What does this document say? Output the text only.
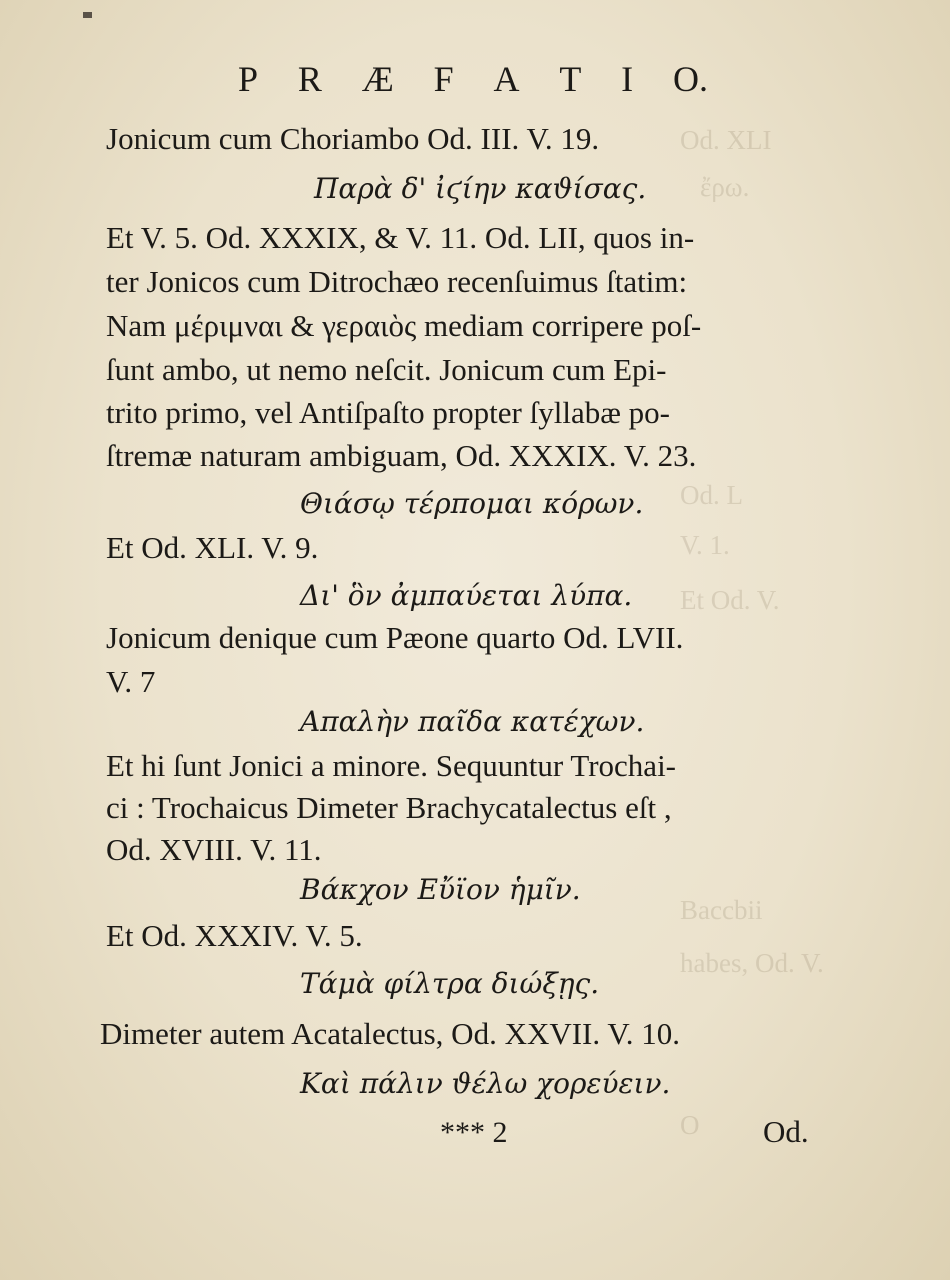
Od. XLI
ἔρω.
Od. L
V. 1.
Et Od. V.
Baccbii
habes, Od. V.
O
P R Æ F A T I O.
Jonicum cum Choriambo Od. III. V. 19.
Παρὰ δ' ἰϛίην καϑίσας.
Et V. 5. Od. XXXIX, & V. 11. Od. LII, quos in-
ter Jonicos cum Ditrochæo recenſuimus ſtatim:
Nam μέριμναι & γεραιὸς mediam corripere poſ-
ſunt ambo, ut nemo neſcit. Jonicum cum Epi-
trito primo, vel Antiſpaſto propter ſyllabæ po-
ſtremæ naturam ambiguam, Od. XXXIX. V. 23.
Θιάσῳ τέρπομαι κόρων.
Et Od. XLI. V. 9.
Δι' ὃν ἀμπαύεται λύπα.
Jonicum denique cum Pæone quarto Od. LVII.
V. 7
Απαλὴν παῖδα κατέχων.
Et hi ſunt Jonici a minore. Sequuntur Trochai-
ci : Trochaicus Dimeter Brachycatalectus eſt ,
Od. XVIII. V. 11.
Βάκχον Εὔϊον ἡμῖν.
Et Od. XXXIV. V. 5.
Τάμὰ φίλτρα διώξῃς.
Dimeter autem Acatalectus, Od. XXVII. V. 10.
Καὶ πάλιν ϑέλω χορεύειν.
*** 2	Od.
